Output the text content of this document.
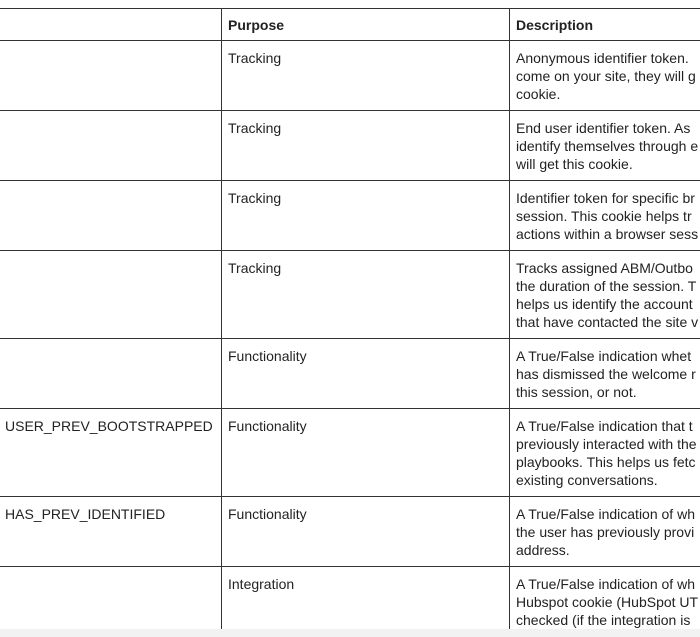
	Purpose	Description
	Tracking	Anonymous identifier token.
come on your site, they will g
cookie.

	Tracking	End user identifier token. As
identify themselves through e
will get this cookie.

	Tracking	Identifier token for specific br
session. This cookie helps tr
actions within a browser sess

	Tracking	Tracks assigned ABM/Outbo
the duration of the session. T
helps us identify the account
that have contacted the site v

	Functionality	A True/False indication whet
has dismissed the welcome r
this session, or not.

USER_PREV_BOOTSTRAPPED	Functionality	A True/False indication that t
previously interacted with the
playbooks. This helps us fetc
existing conversations.

HAS_PREV_IDENTIFIED	Functionality	A True/False indication of wh
the user has previously provi
address.

	Integration	A True/False indication of wh
Hubspot cookie (HubSpot UT
checked (if the integration is
